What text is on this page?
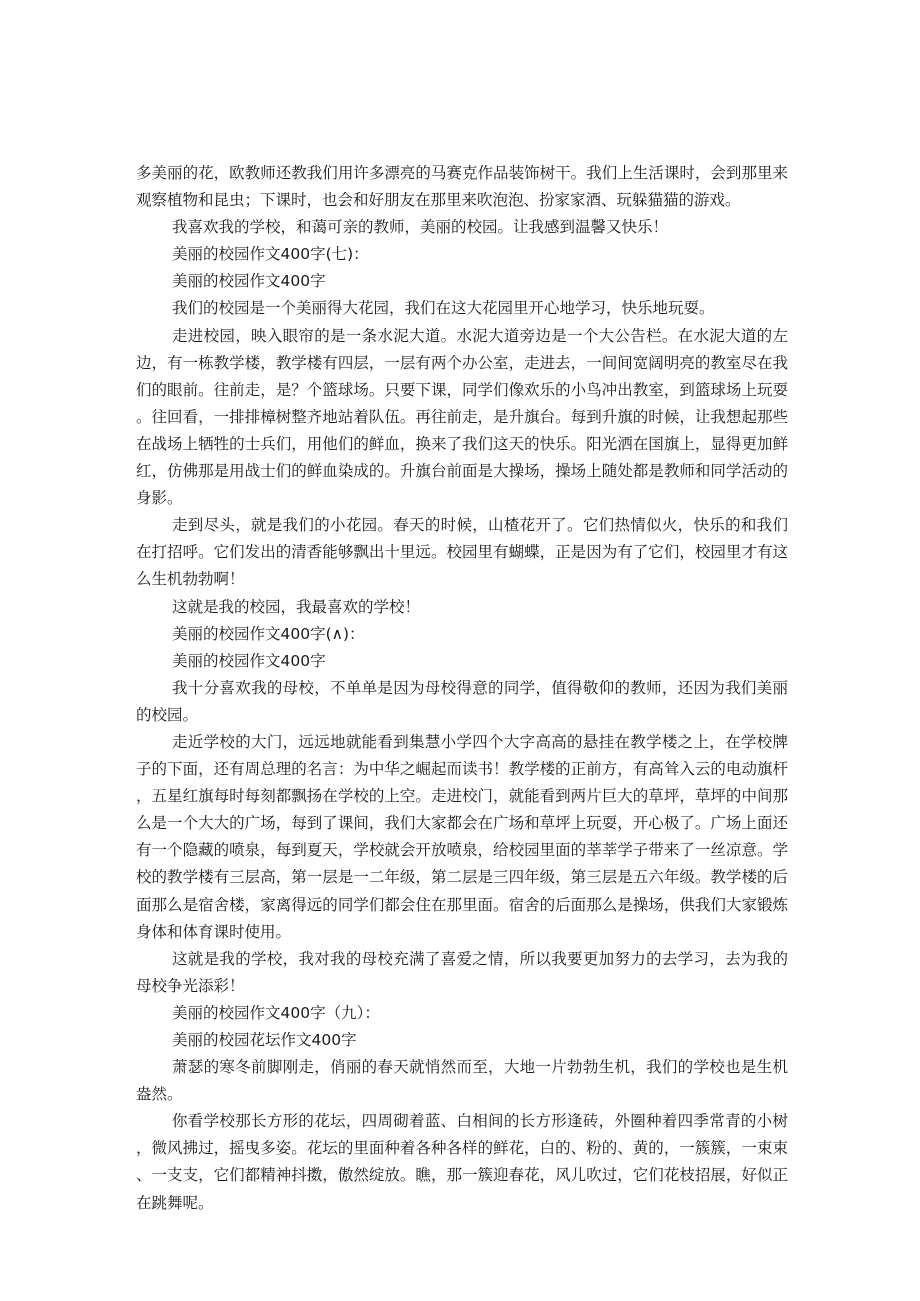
多美丽的花，欧教师还教我们用许多漂亮的马赛克作品装饰树干。我们上生活课时，会到那里来观察植物和昆虫；下课时，也会和好朋友在那里来吹泡泡、扮家家酒、玩躲猫猫的游戏。

我喜欢我的学校，和蔼可亲的教师，美丽的校园。让我感到温馨又快乐！

美丽的校园作文400字(七)：

美丽的校园作文400字

我们的校园是一个美丽得大花园，我们在这大花园里开心地学习，快乐地玩耍。

走进校园，映入眼帘的是一条水泥大道。水泥大道旁边是一个大公告栏。在水泥大道的左边，有一栋教学楼，教学楼有四层，一层有两个办公室，走进去，一间间宽阔明亮的教室尽在我们的眼前。往前走，是？个篮球场。只要下课，同学们像欢乐的小鸟冲出教室，到篮球场上玩耍。往回看，一排排樟树整齐地站着队伍。再往前走，是升旗台。每到升旗的时候，让我想起那些在战场上牺牲的士兵们，用他们的鲜血，换来了我们这天的快乐。阳光洒在国旗上，显得更加鲜红，仿佛那是用战士们的鲜血染成的。升旗台前面是大操场，操场上随处都是教师和同学活动的身影。

走到尽头，就是我们的小花园。春天的时候，山楂花开了。它们热情似火，快乐的和我们在打招呼。它们发出的清香能够飘出十里远。校园里有蝴蝶，正是因为有了它们，校园里才有这么生机勃勃啊！

这就是我的校园，我最喜欢的学校！

美丽的校园作文400字(∧)：

美丽的校园作文400字

我十分喜欢我的母校，不单单是因为母校得意的同学，值得敬仰的教师，还因为我们美丽的校园。

走近学校的大门，远远地就能看到集慧小学四个大字高高的悬挂在教学楼之上，在学校牌子的下面，还有周总理的名言：为中华之崛起而读书！教学楼的正前方，有高耸入云的电动旗杆，五星红旗每时每刻都飘扬在学校的上空。走进校门，就能看到两片巨大的草坪，草坪的中间那么是一个大大的广场，每到了课间，我们大家都会在广场和草坪上玩耍，开心极了。广场上面还有一个隐藏的喷泉，每到夏天，学校就会开放喷泉，给校园里面的莘莘学子带来了一丝凉意。学校的教学楼有三层高，第一层是一二年级，第二层是三四年级，第三层是五六年级。教学楼的后面那么是宿舍楼，家离得远的同学们都会住在那里面。宿舍的后面那么是操场，供我们大家锻炼身体和体育课时使用。

这就是我的学校，我对我的母校充满了喜爱之情，所以我要更加努力的去学习，去为我的母校争光添彩！

美丽的校园作文400字（九）：

美丽的校园花坛作文400字

萧瑟的寒冬前脚刚走，俏丽的春天就悄然而至，大地一片勃勃生机，我们的学校也是生机盎然。

你看学校那长方形的花坛，四周砌着蓝、白相间的长方形逢砖，外圈种着四季常青的小树，微风拂过，摇曳多姿。花坛的里面种着各种各样的鲜花，白的、粉的、黄的，一簇簇，一束束、一支支，它们都精神抖擞，傲然绽放。瞧，那一簇迎春花，风儿吹过，它们花枝招展，好似正在跳舞呢。
